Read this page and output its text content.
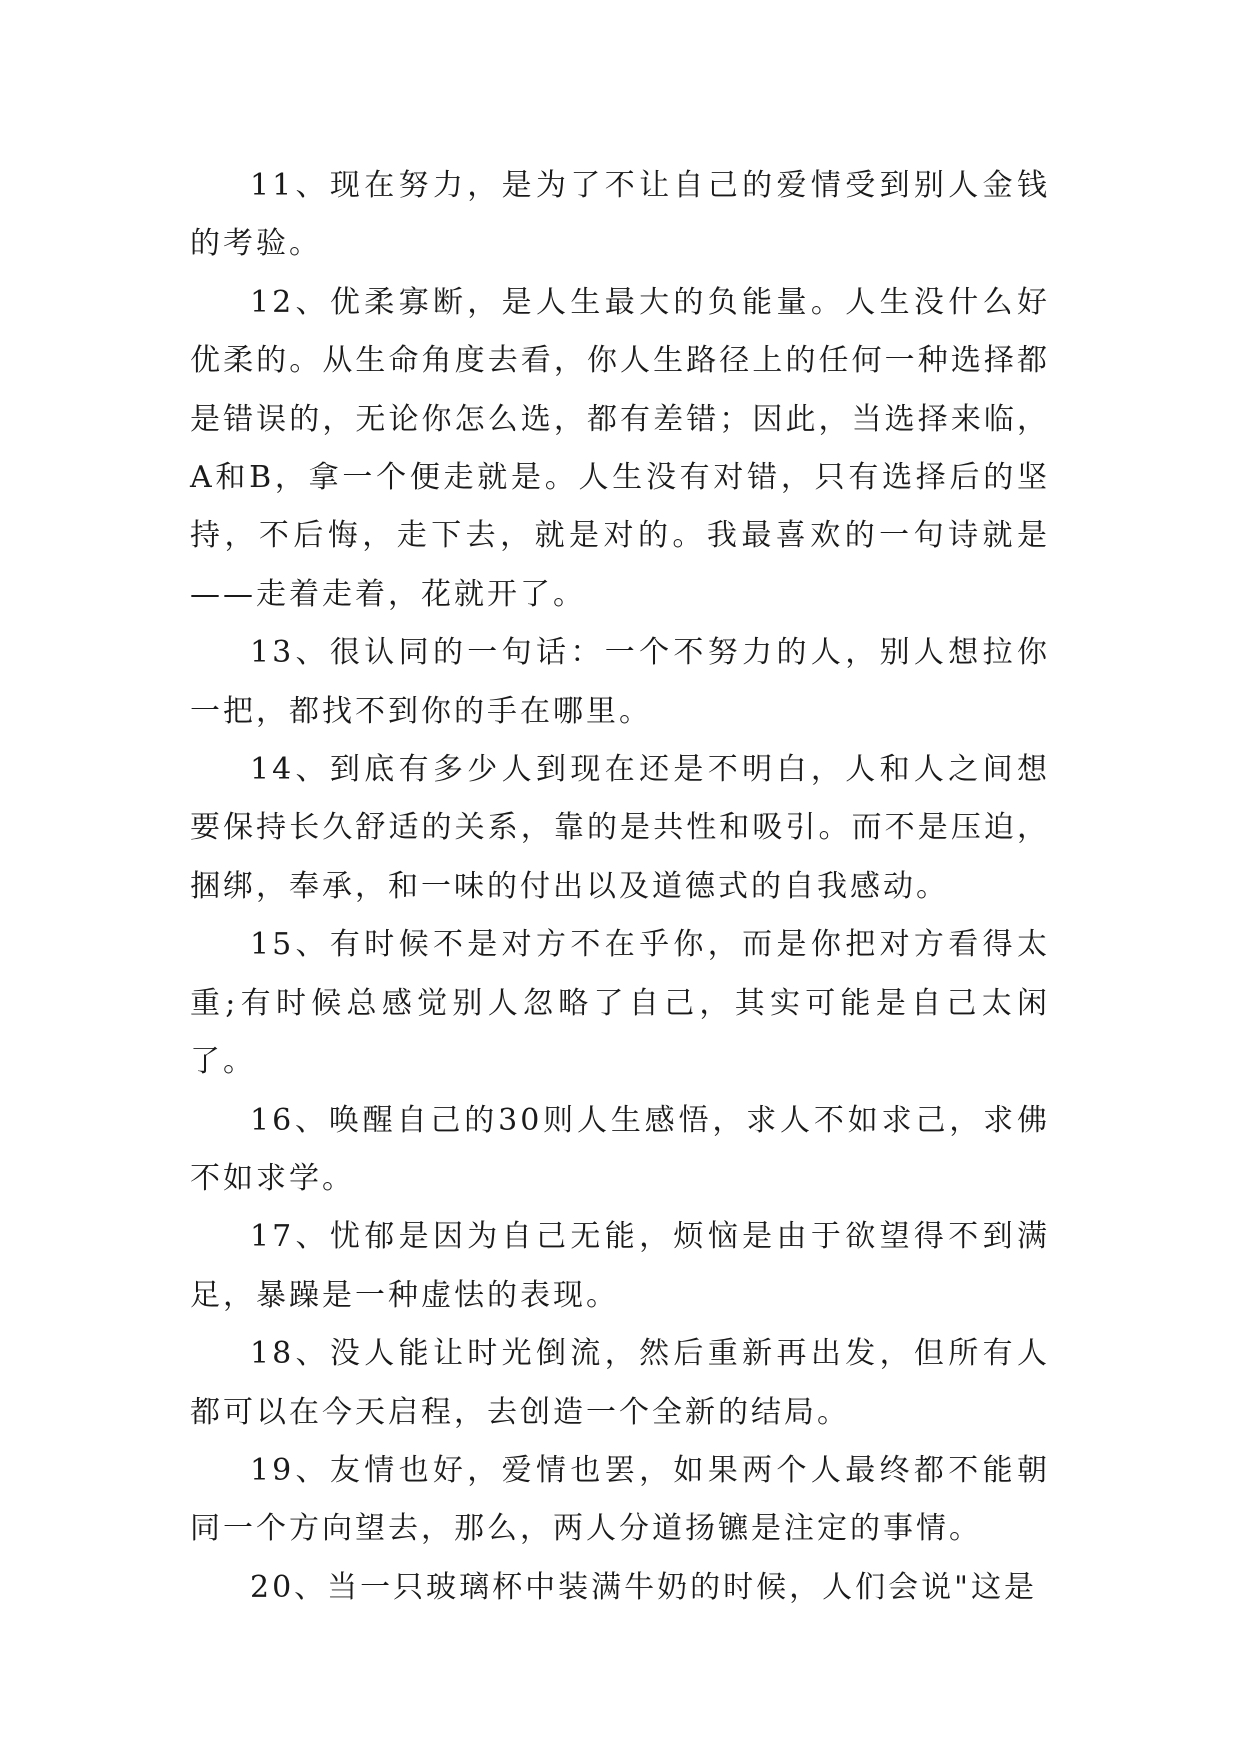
11、现在努力，是为了不让自己的爱情受到别人金钱的考验。

12、优柔寡断，是人生最大的负能量。人生没什么好优柔的。从生命角度去看，你人生路径上的任何一种选择都是错误的，无论你怎么选，都有差错；因此，当选择来临，A和B，拿一个便走就是。人生没有对错，只有选择后的坚持，不后悔，走下去，就是对的。我最喜欢的一句诗就是——走着走着，花就开了。

13、很认同的一句话：一个不努力的人，别人想拉你一把，都找不到你的手在哪里。

14、到底有多少人到现在还是不明白，人和人之间想要保持长久舒适的关系，靠的是共性和吸引。而不是压迫，捆绑，奉承，和一味的付出以及道德式的自我感动。

15、有时候不是对方不在乎你，而是你把对方看得太重;有时候总感觉别人忽略了自己，其实可能是自己太闲了。

16、唤醒自己的30则人生感悟，求人不如求己，求佛不如求学。

17、忧郁是因为自己无能，烦恼是由于欲望得不到满足，暴躁是一种虚怯的表现。

18、没人能让时光倒流，然后重新再出发，但所有人都可以在今天启程，去创造一个全新的结局。

19、友情也好，爱情也罢，如果两个人最终都不能朝同一个方向望去，那么，两人分道扬镳是注定的事情。

20、当一只玻璃杯中装满牛奶的时候，人们会说"这是
